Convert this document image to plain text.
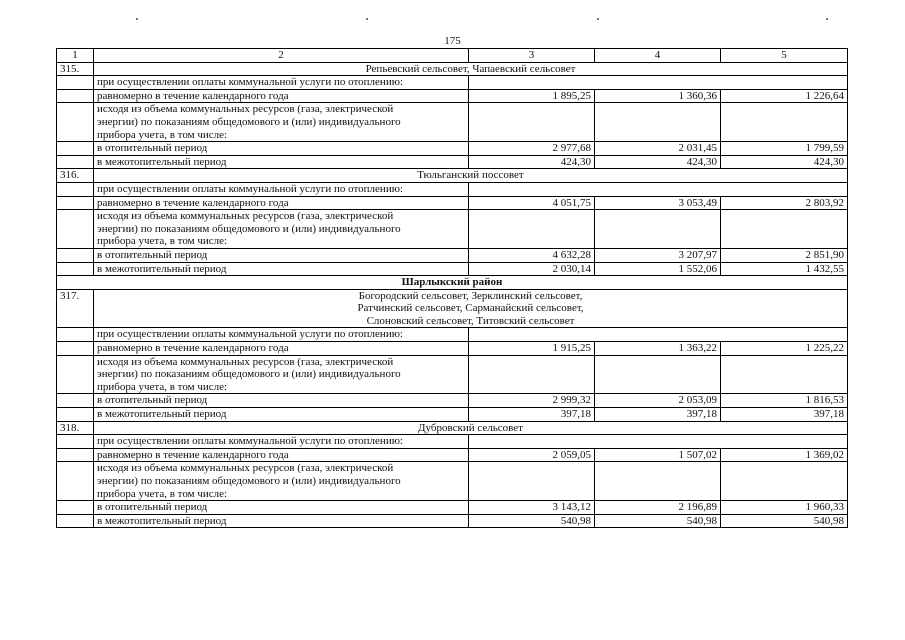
175
1	2	3	4	5
315.	Репьевский сельсовет, Чапаевский сельсовет			
	при осуществлении оплаты коммунальной услуги по отоплению:			
	равномерно в течение календарного года	1 895,25	1 360,36	1 226,64

	исходя из объема коммунальных ресурсов (газа, электрической
энергии) по показаниям общедомового и (или) индивидуального
прибора учета, в том числе:			

	в отопительный период	2 977,68	2 031,45	1 799,59
	в межотопительный период	424,30	424,30	424,30
316.	Тюльганский поссовет			
	при осуществлении оплаты коммунальной услуги по отоплению:			
	равномерно в течение календарного года	4 051,75	3 053,49	2 803,92

	исходя из объема коммунальных ресурсов (газа, электрической
энергии) по показаниям общедомового и (или) индивидуального
прибора учета, в том числе:			

	в отопительный период	4 632,28	3 207,97	2 851,90
	в межотопительный период	2 030,14	1 552,06	1 432,55
Шарлыкский район				
317.	Богородский сельсовет, Зерклинский сельсовет,
Ратчинский сельсовет, Сарманайский сельсовет,
Слоновский сельсовет, Титовский сельсовет			

	при осуществлении оплаты коммунальной услуги по отоплению:			
	равномерно в течение календарного года	1 915,25	1 363,22	1 225,22

	исходя из объема коммунальных ресурсов (газа, электрической
энергии) по показаниям общедомового и (или) индивидуального
прибора учета, в том числе:			

	в отопительный период	2 999,32	2 053,09	1 816,53
	в межотопительный период	397,18	397,18	397,18
318.	Дубровский сельсовет			
	при осуществлении оплаты коммунальной услуги по отоплению:			
	равномерно в течение календарного года	2 059,05	1 507,02	1 369,02

	исходя из объема коммунальных ресурсов (газа, электрической
энергии) по показаниям общедомового и (или) индивидуального
прибора учета, в том числе:			

	в отопительный период	3 143,12	2 196,89	1 960,33
	в межотопительный период	540,98	540,98	540,98
